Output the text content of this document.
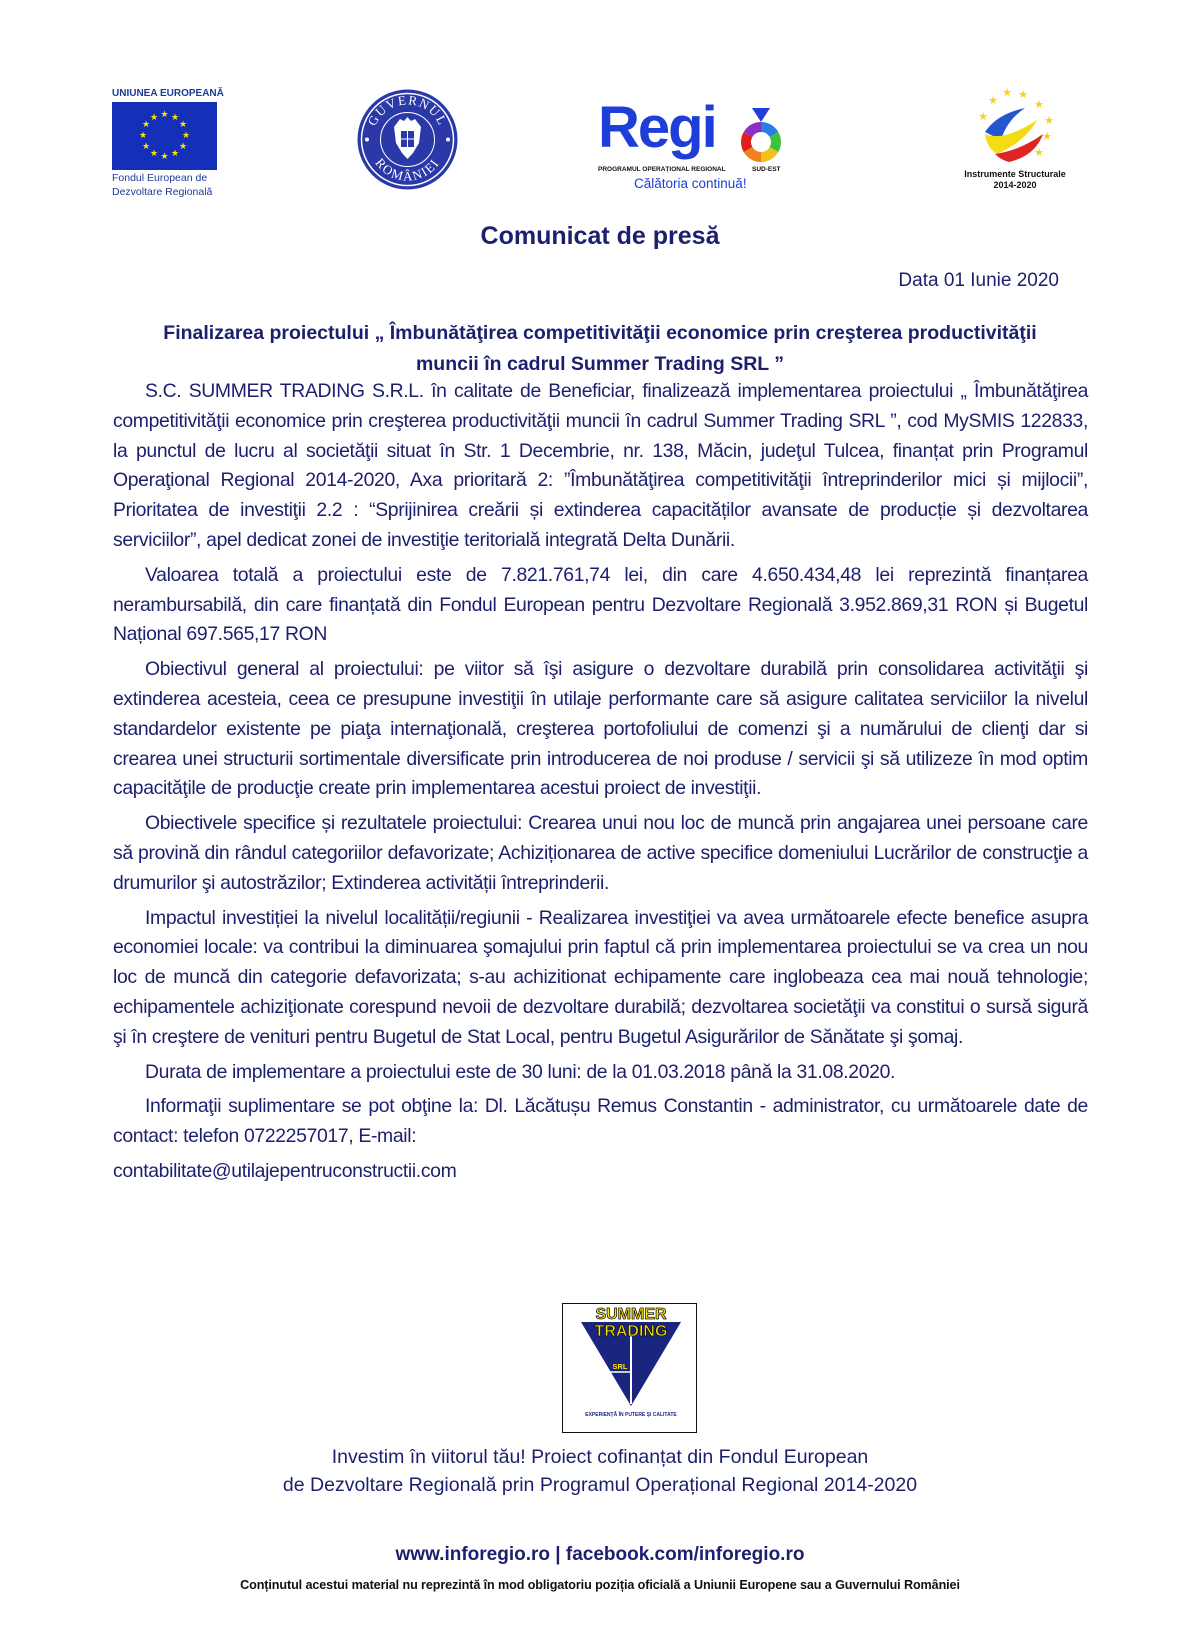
UNIUNEA EUROPEANĂ
★ ★
★
★
★
★
★
★
★
★
★
★
Fondul European de
Dezvoltare Regională
GUVERNUL
ROMÂNIEI
Regi
PROGRAMUL OPERAȚIONAL REGIONAL	SUD-EST
Călătoria continuă!
★
★ ★
★
★
★
★
★
Instrumente Structurale
2014-2020
Comunicat de presă
Data 01 Iunie 2020
Finalizarea proiectului „ Îmbunătăţirea competitivităţii economice prin creşterea productivităţii
muncii în cadrul Summer Trading SRL ”

S.C. SUMMER TRADING S.R.L. în calitate de Beneficiar, finalizează implementarea proiectului „ Îmbunătăţirea competitivităţii economice prin creşterea productivităţii muncii în cadrul Summer Trading SRL ”, cod MySMIS 122833, la punctul de lucru al societăţii situat în Str. 1 Decembrie, nr. 138, Măcin, judeţul Tulcea, finanțat prin Programul Operaţional Regional 2014-2020, Axa prioritară 2: ”Îmbunătăţirea competitivităţii întreprinderilor mici și mijlocii”, Prioritatea de investiţii 2.2 : “Sprijinirea creării și extinderea capacităților avansate de producție și dezvoltarea serviciilor”, apel dedicat zonei de investiţie teritorială integrată Delta Dunării.

Valoarea totală a proiectului este de 7.821.761,74 lei, din care 4.650.434,48 lei reprezintă finanțarea nerambursabilă, din care finanțată din Fondul European pentru Dezvoltare Regională 3.952.869,31 RON și Bugetul Național 697.565,17 RON

Obiectivul general al proiectului: pe viitor să îşi asigure o dezvoltare durabilă prin consolidarea activităţii şi extinderea acesteia, ceea ce presupune investiţii în utilaje performante care să asigure calitatea serviciilor la nivelul standardelor existente pe piaţa internaţională, creşterea portofoliului de comenzi şi a numărului de clienţi dar si crearea unei structurii sortimentale diversificate prin introducerea de noi produse / servicii şi să utilizeze în mod optim capacităţile de producţie create prin implementarea acestui proiect de investiţii.

Obiectivele specifice și rezultatele proiectului: Crearea unui nou loc de muncă prin angajarea unei persoane care să provină din rândul categoriilor defavorizate; Achiziționarea de active specifice domeniului Lucrărilor de construcţie a drumurilor şi autostrăzilor; Extinderea activității întreprinderii.

Impactul investiției la nivelul localității/regiunii - Realizarea investiţiei va avea următoarele efecte benefice asupra economiei locale: va contribui la diminuarea şomajului prin faptul că prin implementarea proiectului se va crea un nou loc de muncă din categorie defavorizata; s-au achizitionat echipamente care inglobeaza cea mai nouă tehnologie; echipamentele achiziţionate corespund nevoii de dezvoltare durabilă; dezvoltarea societăţii va constitui o sursă sigură şi în creştere de venituri pentru Bugetul de Stat Local, pentru Bugetul Asigurărilor de Sănătate şi şomaj.

Durata de implementare a proiectului este de 30 luni: de la 01.03.2018 până la 31.08.2020.

Informaţii suplimentare se pot obţine la: Dl. Lăcătușu Remus Constantin - administrator, cu următoarele date de contact: telefon 0722257017, E-mail:

contabilitate@utilajepentruconstructii.com
SUMMER
TRADING
SRL
EXPERIENȚĂ ÎN PUTERE ȘI CALITATE
Investim în viitorul tău! Proiect cofinanțat din Fondul European
de Dezvoltare Regională prin Programul Operațional Regional 2014-2020
www.inforegio.ro | facebook.com/inforegio.ro
Conținutul acestui material nu reprezintă în mod obligatoriu poziția oficială a Uniunii Europene sau a Guvernului României
